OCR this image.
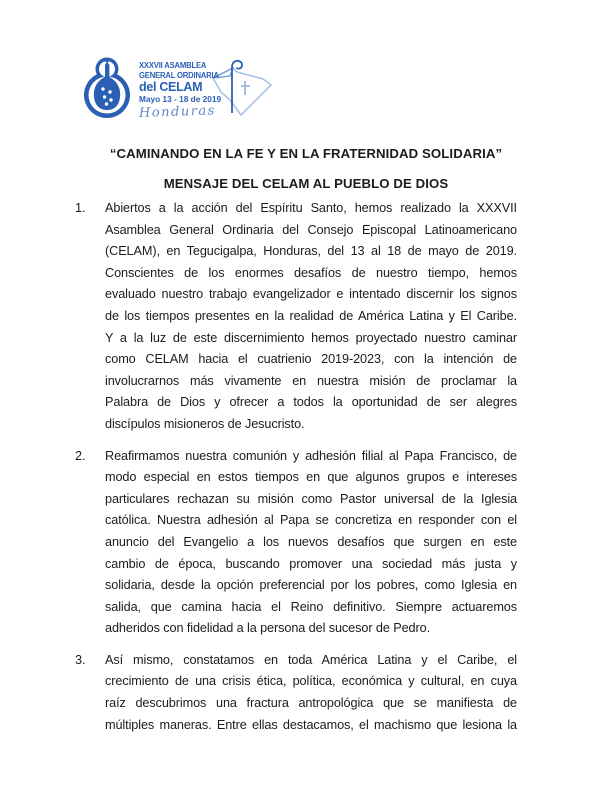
XXXVII ASAMBLEA
GENERAL ORDINARIA
del CELAM
Mayo 13 - 18 de 2019
Honduras
“CAMINANDO EN LA FE Y EN LA FRATERNIDAD SOLIDARIA”
MENSAJE DEL CELAM AL PUEBLO DE DIOS
1.	Abiertos a la acción del Espíritu Santo, hemos realizado la XXXVII
Asamblea General Ordinaria del Consejo Episcopal Latinoamericano
(CELAM), en Tegucigalpa, Honduras, del 13 al 18 de mayo de 2019.
Conscientes de los enormes desafíos de nuestro tiempo, hemos
evaluado nuestro trabajo evangelizador e intentado discernir los signos
de los tiempos presentes en la realidad de América Latina y El Caribe.
Y a la luz de este discernimiento hemos proyectado nuestro caminar
como CELAM hacia el cuatrienio 2019-2023, con la intención de
involucrarnos más vivamente en nuestra misión de proclamar la
Palabra de Dios y ofrecer a todos la oportunidad de ser alegres
discípulos misioneros de Jesucristo.
2.	Reafirmamos nuestra comunión y adhesión filial al Papa Francisco, de
modo especial en estos tiempos en que algunos grupos e intereses
particulares rechazan su misión como Pastor universal de la Iglesia
católica. Nuestra adhesión al Papa se concretiza en responder con el
anuncio del Evangelio a los nuevos desafíos que surgen en este
cambio de época, buscando promover una sociedad más justa y
solidaria, desde la opción preferencial por los pobres, como Iglesia en
salida, que camina hacia el Reino definitivo. Siempre actuaremos
adheridos con fidelidad a la persona del sucesor de Pedro.
3.	Así mismo, constatamos en toda América Latina y el Caribe, el
crecimiento de una crisis ética, política, económica y cultural, en cuya
raíz descubrimos una fractura antropológica que se manifiesta de
múltiples maneras. Entre ellas destacamos, el machismo que lesiona la
